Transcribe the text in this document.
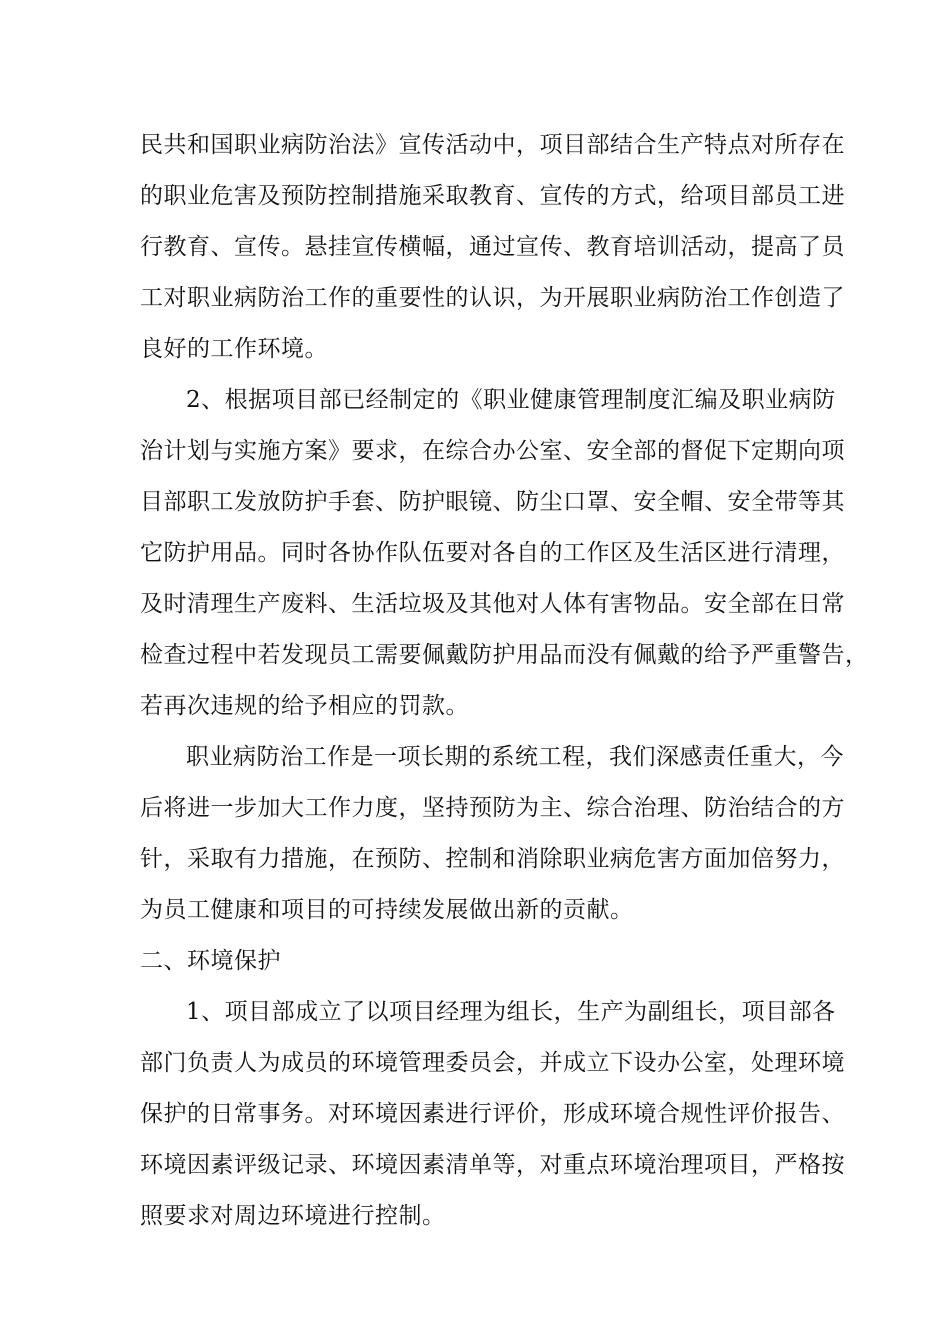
民共和国职业病防治法》宣传活动中，项目部结合生产特点对所存在
的职业危害及预防控制措施采取教育、宣传的方式，给项目部员工进
行教育、宣传。悬挂宣传横幅，通过宣传、教育培训活动，提高了员
工对职业病防治工作的重要性的认识，为开展职业病防治工作创造了
良好的工作环境。
2、根据项目部已经制定的《职业健康管理制度汇编及职业病防
治计划与实施方案》要求，在综合办公室、安全部的督促下定期向项
目部职工发放防护手套、防护眼镜、防尘口罩、安全帽、安全带等其
它防护用品。同时各协作队伍要对各自的工作区及生活区进行清理，
及时清理生产废料、生活垃圾及其他对人体有害物品。安全部在日常
检查过程中若发现员工需要佩戴防护用品而没有佩戴的给予严重警告，
若再次违规的给予相应的罚款。
职业病防治工作是一项长期的系统工程，我们深感责任重大，今
后将进一步加大工作力度，坚持预防为主、综合治理、防治结合的方
针，采取有力措施，在预防、控制和消除职业病危害方面加倍努力，
为员工健康和项目的可持续发展做出新的贡献。
二、环境保护
1、项目部成立了以项目经理为组长，生产为副组长，项目部各
部门负责人为成员的环境管理委员会，并成立下设办公室，处理环境
保护的日常事务。对环境因素进行评价，形成环境合规性评价报告、
环境因素评级记录、环境因素清单等，对重点环境治理项目，严格按
照要求对周边环境进行控制。
